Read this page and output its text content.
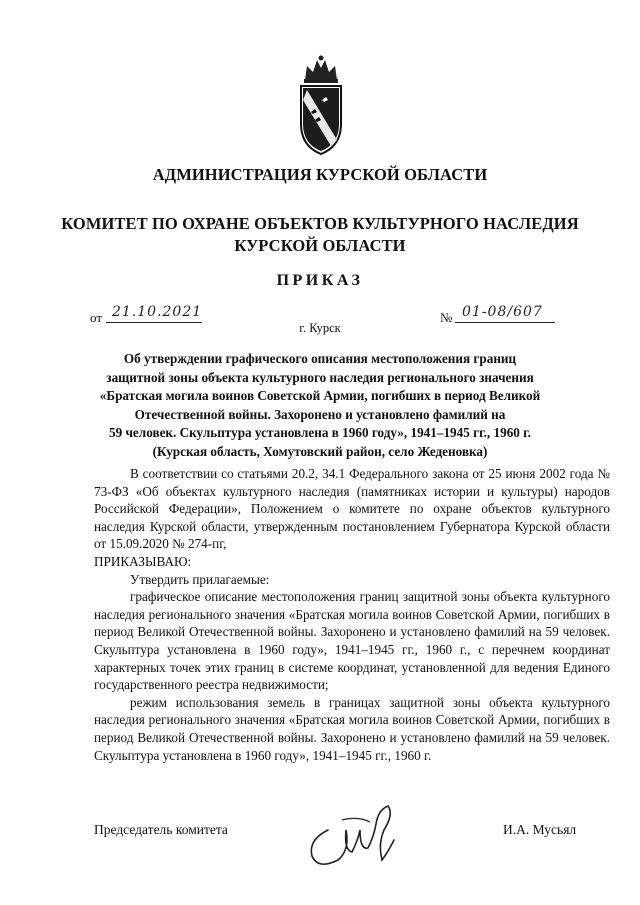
АДМИНИСТРАЦИЯ КУРСКОЙ ОБЛАСТИ
КОМИТЕТ ПО ОХРАНЕ ОБЪЕКТОВ КУЛЬТУРНОГО НАСЛЕДИЯ
КУРСКОЙ ОБЛАСТИ
ПРИКАЗ
от 21.10.2021	№ 01-08/607
г. Курск
Об утверждении графического описания местоположения границ
защитной зоны объекта культурного наследия регионального значения
«Братская могила воинов Советской Армии, погибших в период Великой
Отечественной войны. Захоронено и установлено фамилий на
59 человек. Скульптура установлена в 1960 году», 1941–1945 гг., 1960 г.
(Курская область, Хомутовский район, село Жеденовка)

В соответствии со статьями 20.2, 34.1 Федерального закона от 25 июня 2002 года № 73-ФЗ «Об объектах культурного наследия (памятниках истории и культуры) народов Российской Федерации», Положением о комитете по охране объектов культурного наследия Курской области, утвержденным постановлением Губернатора Курской области от 15.09.2020 № 274-пг,

ПРИКАЗЫВАЮ:

Утвердить прилагаемые:

графическое описание местоположения границ защитной зоны объекта культурного наследия регионального значения «Братская могила воинов Советской Армии, погибших в период Великой Отечественной войны. Захоронено и установлено фамилий на 59 человек. Скульптура установлена в 1960 году», 1941–1945 гг., 1960 г., с перечнем координат характерных точек этих границ в системе координат, установленной для ведения Единого государственного реестра недвижимости;

режим использования земель в границах защитной зоны объекта культурного наследия регионального значения «Братская могила воинов Советской Армии, погибших в период Великой Отечественной войны. Захоронено и установлено фамилий на 59 человек. Скульптура установлена в 1960 году», 1941–1945 гг., 1960 г.

Председатель комитета	И.А. Мусьял
